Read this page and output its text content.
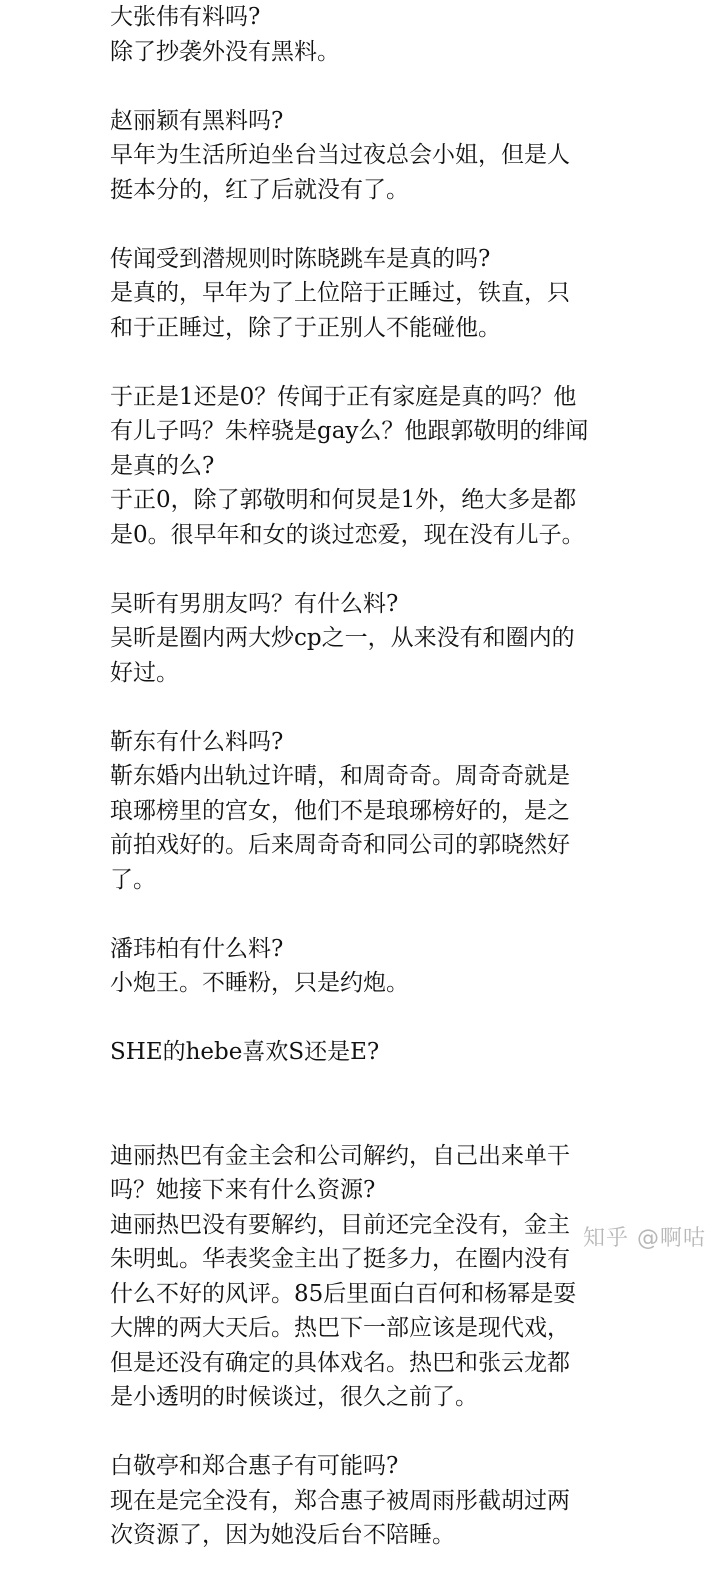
大张伟有料吗?
除了抄袭外没有黑料。
赵丽颖有黑料吗?
早年为生活所迫坐台当过夜总会小姐，但是人
挺本分的，红了后就没有了。
传闻受到潜规则时陈晓跳车是真的吗?
是真的，早年为了上位陪于正睡过，铁直，只
和于正睡过，除了于正别人不能碰他。
于正是1还是0？传闻于正有家庭是真的吗？他
有儿子吗？朱梓骁是gay么？他跟郭敬明的绯闻
是真的么?
于正0，除了郭敬明和何炅是1外，绝大多是都
是0。很早年和女的谈过恋爱，现在没有儿子。
吴昕有男朋友吗？有什么料?
吴昕是圈内两大炒cp之一，从来没有和圈内的
好过。
靳东有什么料吗?
靳东婚内出轨过许晴，和周奇奇。周奇奇就是
琅琊榜里的宫女，他们不是琅琊榜好的，是之
前拍戏好的。后来周奇奇和同公司的郭晓然好
了。
潘玮柏有什么料?
小炮王。不睡粉，只是约炮。
SHE的hebe喜欢S还是E?
迪丽热巴有金主会和公司解约，自己出来单干
吗？她接下来有什么资源?
迪丽热巴没有要解约，目前还完全没有，金主
朱明虬。华表奖金主出了挺多力，在圈内没有
什么不好的风评。85后里面白百何和杨幂是耍
大牌的两大天后。热巴下一部应该是现代戏，
但是还没有确定的具体戏名。热巴和张云龙都
是小透明的时候谈过，很久之前了。
白敬亭和郑合惠子有可能吗?
现在是完全没有，郑合惠子被周雨彤截胡过两
次资源了，因为她没后台不陪睡。
知乎 @啊咕
